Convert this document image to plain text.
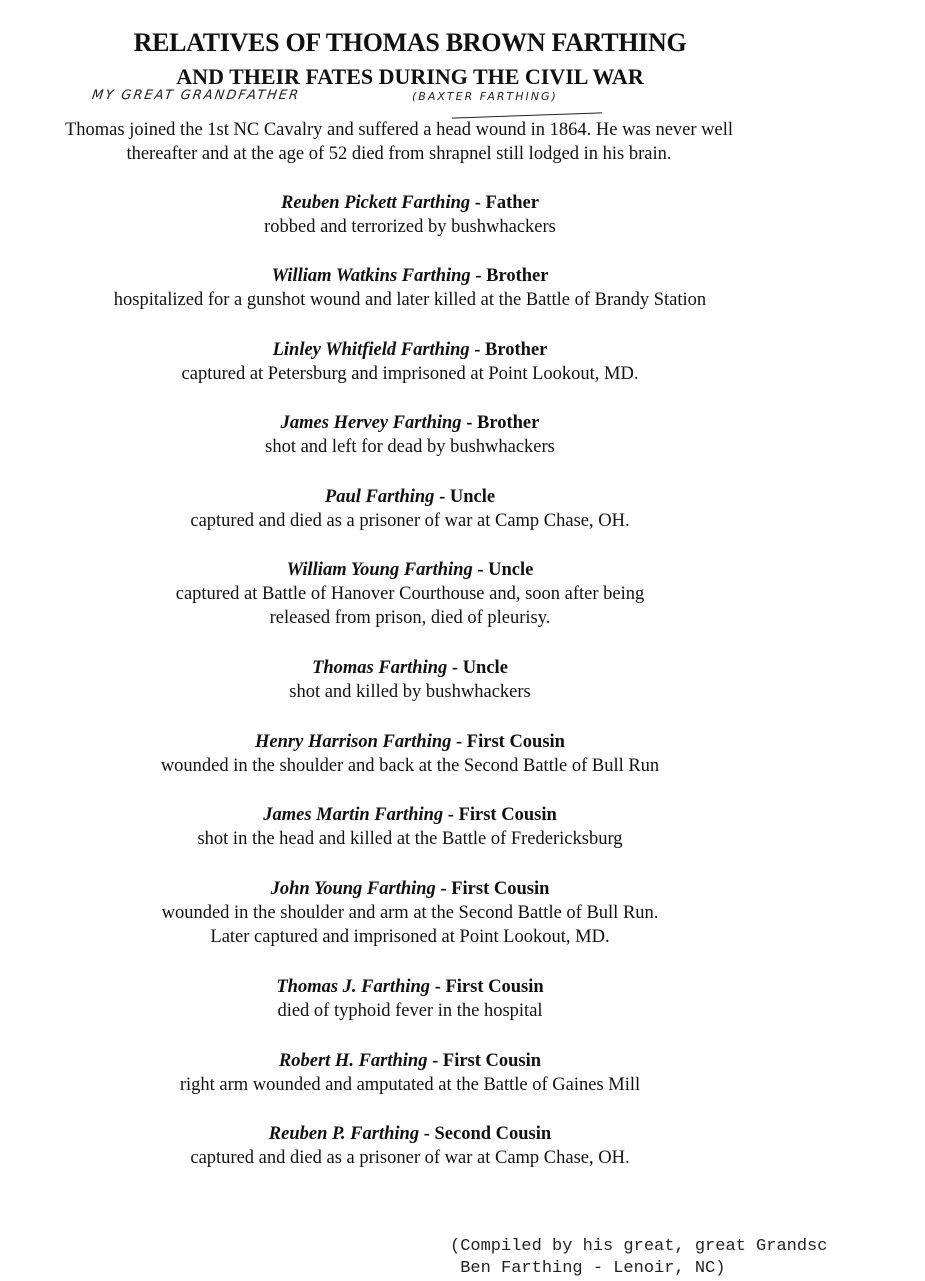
RELATIVES OF THOMAS BROWN FARTHING
AND THEIR FATES DURING THE CIVIL WAR
MY GREAT GRANDFATHER	(BAXTER FARTHING)
Thomas joined the 1st NC Cavalry and suffered a head wound in 1864. He was never well
thereafter and at the age of 52 died from shrapnel still lodged in his brain.
Reuben Pickett Farthing - Father
robbed and terrorized by bushwhackers
William Watkins Farthing - Brother
hospitalized for a gunshot wound and later killed at the Battle of Brandy Station
Linley Whitfield Farthing - Brother
captured at Petersburg and imprisoned at Point Lookout, MD.
James Hervey Farthing - Brother
shot and left for dead by bushwhackers
Paul Farthing - Uncle
captured and died as a prisoner of war at Camp Chase, OH.
William Young Farthing - Uncle
captured at Battle of Hanover Courthouse and, soon after being
released from prison, died of pleurisy.
Thomas Farthing - Uncle
shot and killed by bushwhackers
Henry Harrison Farthing - First Cousin
wounded in the shoulder and back at the Second Battle of Bull Run
James Martin Farthing - First Cousin
shot in the head and killed at the Battle of Fredericksburg
John Young Farthing - First Cousin
wounded in the shoulder and arm at the Second Battle of Bull Run.
Later captured and imprisoned at Point Lookout, MD.
Thomas J. Farthing - First Cousin
died of typhoid fever in the hospital
Robert H. Farthing - First Cousin
right arm wounded and amputated at the Battle of Gaines Mill
Reuben P. Farthing - Second Cousin
captured and died as a prisoner of war at Camp Chase, OH.
(Compiled by his great, great Grandsc
Ben Farthing - Lenoir, NC)
